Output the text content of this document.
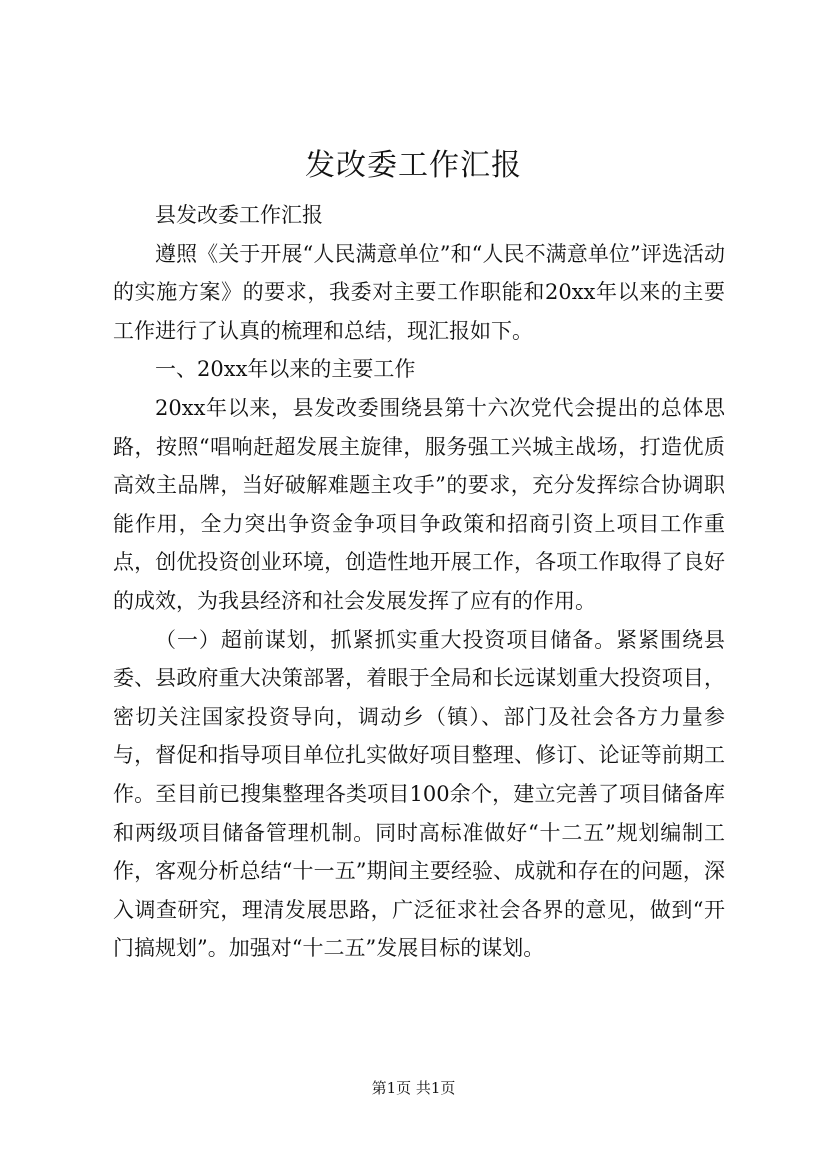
发改委工作汇报

县发改委工作汇报

遵照《关于开展“人民满意单位”和“人民不满意单位”评选活动的实施方案》的要求，我委对主要工作职能和20xx年以来的主要工作进行了认真的梳理和总结，现汇报如下。

一、20xx年以来的主要工作

20xx年以来，县发改委围绕县第十六次党代会提出的总体思路，按照“唱响赶超发展主旋律，服务强工兴城主战场，打造优质高效主品牌，当好破解难题主攻手”的要求，充分发挥综合协调职能作用，全力突出争资金争项目争政策和招商引资上项目工作重点，创优投资创业环境，创造性地开展工作，各项工作取得了良好的成效，为我县经济和社会发展发挥了应有的作用。

（一）超前谋划，抓紧抓实重大投资项目储备。紧紧围绕县委、县政府重大决策部署，着眼于全局和长远谋划重大投资项目，密切关注国家投资导向，调动乡（镇）、部门及社会各方力量参与，督促和指导项目单位扎实做好项目整理、修订、论证等前期工作。至目前已搜集整理各类项目100余个，建立完善了项目储备库和两级项目储备管理机制。同时高标准做好“十二五”规划编制工作，客观分析总结“十一五”期间主要经验、成就和存在的问题，深入调查研究，理清发展思路，广泛征求社会各界的意见，做到“开门搞规划”。加强对“十二五”发展目标的谋划。

第1页 共1页
